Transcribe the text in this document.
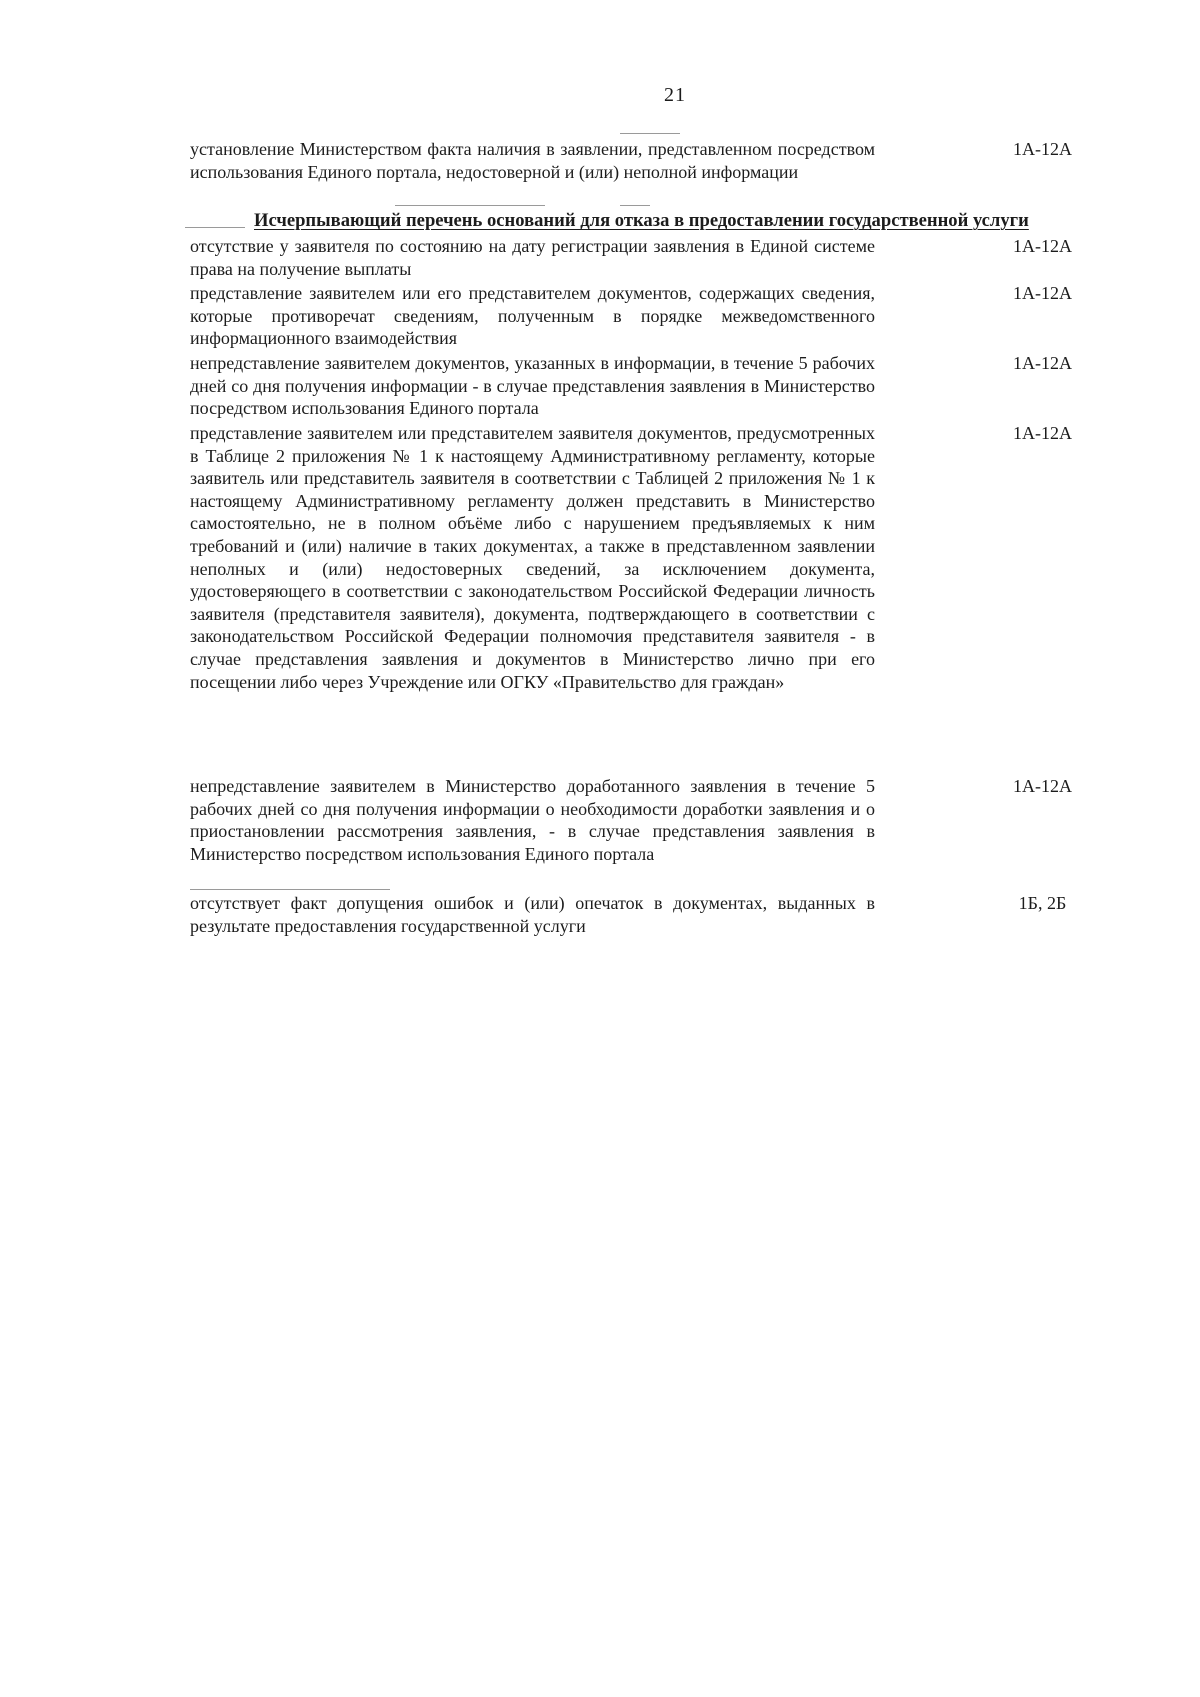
21
установление Министерством факта наличия в заявлении, представленном посредством использования Единого портала, недостоверной и (или) неполной информации
1А-12А
Исчерпывающий перечень оснований для отказа в предоставлении государственной услуги
отсутствие у заявителя по состоянию на дату регистрации заявления в Единой системе права на получение выплаты
1А-12А
представление заявителем или его представителем документов, содержащих сведения, которые противоречат сведениям, полученным в порядке межведомственного информационного взаимодействия
1А-12А
непредставление заявителем документов, указанных в информации, в течение 5 рабочих дней со дня получения информации - в случае представления заявления в Министерство посредством использования Единого портала
1А-12А
представление заявителем или представителем заявителя документов, предусмотренных в Таблице 2 приложения № 1 к настоящему Административному регламенту, которые заявитель или представитель заявителя в соответствии с Таблицей 2 приложения № 1 к настоящему Административному регламенту должен представить в Министерство самостоятельно, не в полном объёме либо с нарушением предъявляемых к ним требований и (или) наличие в таких документах, а также в представленном заявлении неполных и (или) недостоверных сведений, за исключением документа, удостоверяющего в соответствии с законодательством Российской Федерации личность заявителя (представителя заявителя), документа, подтверждающего в соответствии с законодательством Российской Федерации полномочия представителя заявителя - в случае представления заявления и документов в Министерство лично при его посещении либо через Учреждение или ОГКУ «Правительство для граждан»
1А-12А
непредставление заявителем в Министерство доработанного заявления в течение 5 рабочих дней со дня получения информации о необходимости доработки заявления и о приостановлении рассмотрения заявления, - в случае представления заявления в Министерство посредством использования Единого портала
1А-12А
отсутствует факт допущения ошибок и (или) опечаток в документах, выданных в результате предоставления государственной услуги
1Б, 2Б
